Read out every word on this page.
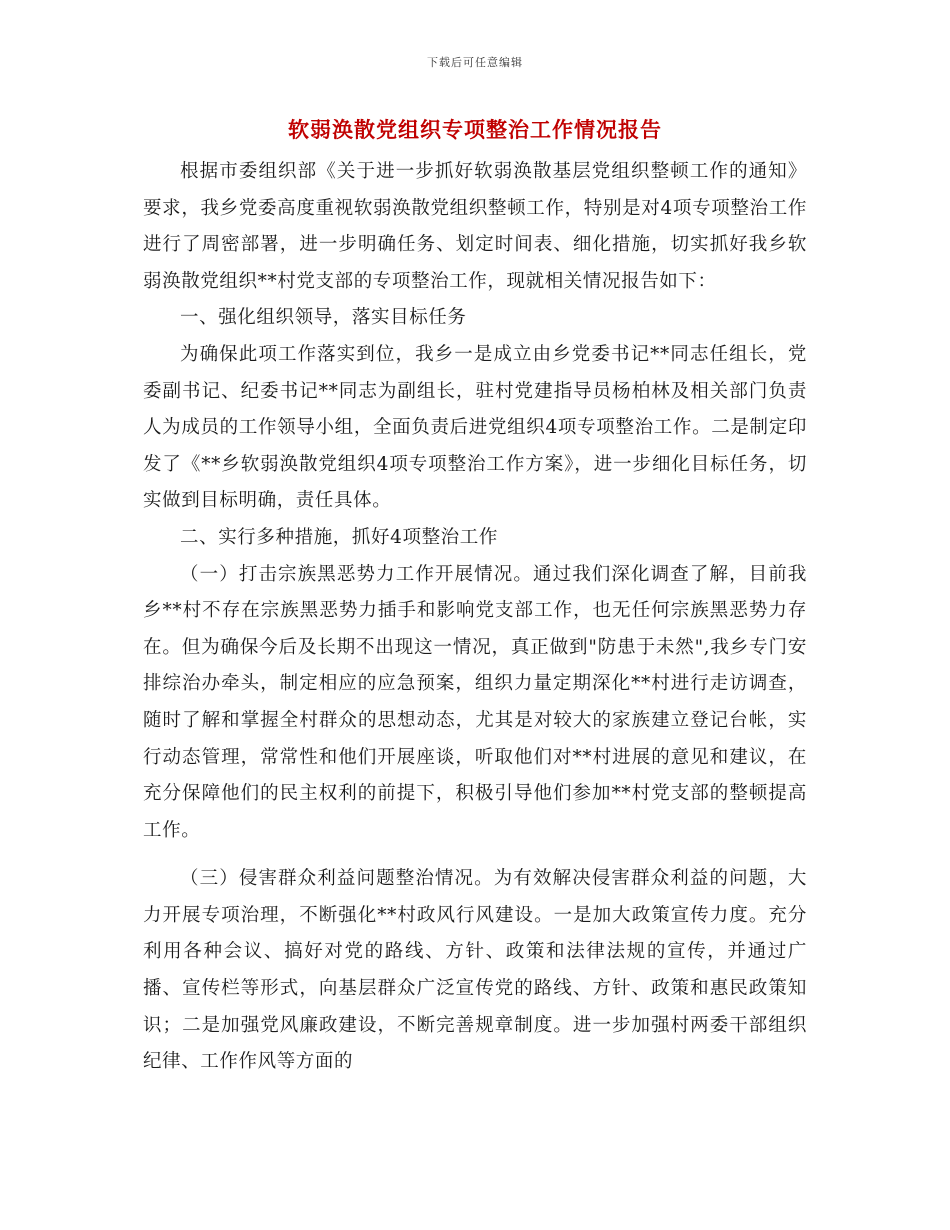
下载后可任意编辑
软弱涣散党组织专项整治工作情况报告

根据市委组织部《关于进一步抓好软弱涣散基层党组织整顿工作的通知》要求，我乡党委高度重视软弱涣散党组织整顿工作，特别是对4项专项整治工作进行了周密部署，进一步明确任务、划定时间表、细化措施，切实抓好我乡软弱涣散党组织**村党支部的专项整治工作，现就相关情况报告如下：

一、强化组织领导，落实目标任务

为确保此项工作落实到位，我乡一是成立由乡党委书记**同志任组长，党委副书记、纪委书记**同志为副组长，驻村党建指导员杨柏林及相关部门负责人为成员的工作领导小组，全面负责后进党组织4项专项整治工作。二是制定印发了《**乡软弱涣散党组织4项专项整治工作方案》，进一步细化目标任务，切实做到目标明确，责任具体。

二、实行多种措施，抓好4项整治工作

（一）打击宗族黑恶势力工作开展情况。通过我们深化调查了解，目前我乡**村不存在宗族黑恶势力插手和影响党支部工作，也无任何宗族黑恶势力存在。但为确保今后及长期不出现这一情况，真正做到"防患于未然",我乡专门安排综治办牵头，制定相应的应急预案，组织力量定期深化**村进行走访调查，随时了解和掌握全村群众的思想动态，尤其是对较大的家族建立登记台帐，实行动态管理，常常性和他们开展座谈，听取他们对**村进展的意见和建议，在充分保障他们的民主权利的前提下，积极引导他们参加**村党支部的整顿提高工作。

（三）侵害群众利益问题整治情况。为有效解决侵害群众利益的问题，大力开展专项治理，不断强化**村政风行风建设。一是加大政策宣传力度。充分利用各种会议、搞好对党的路线、方针、政策和法律法规的宣传，并通过广播、宣传栏等形式，向基层群众广泛宣传党的路线、方针、政策和惠民政策知识；二是加强党风廉政建设，不断完善规章制度。进一步加强村两委干部组织纪律、工作作风等方面的
